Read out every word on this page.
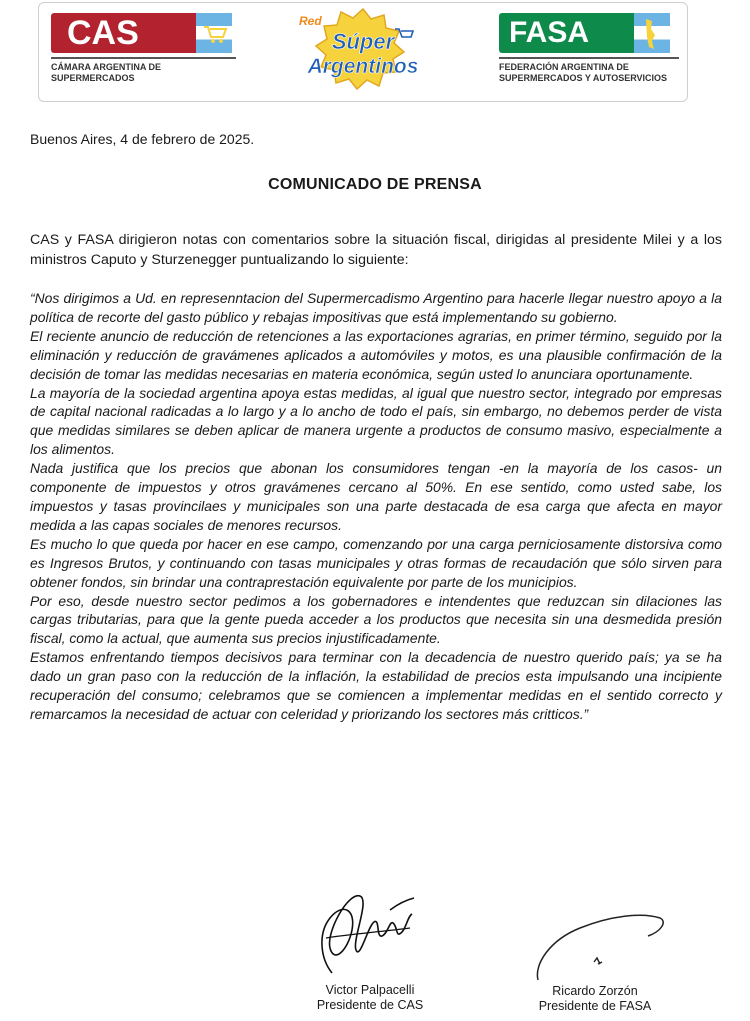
CAS
CÁMARA ARGENTINA DE
SUPERMERCADOS
Red
Súper
Argentinos
FASA
FEDERACIÓN ARGENTINA DE
SUPERMERCADOS Y AUTOSERVICIOS
Buenos Aires, 4 de febrero de 2025.
COMUNICADO DE PRENSA

CAS y FASA dirigieron notas con comentarios sobre la situación fiscal, dirigidas al presidente Milei y a los ministros Caputo y Sturzenegger puntualizando lo siguiente:

“Nos dirigimos a Ud. en represenntacion del Supermercadismo Argentino para hacerle llegar nuestro apoyo a la política de recorte del gasto público y rebajas impositivas que está implementando su gobierno.

El reciente anuncio de reducción de retenciones a las exportaciones agrarias, en primer término, seguido por la eliminación y reducción de gravámenes aplicados a automóviles y motos, es una plausible confirmación de la decisión de tomar las medidas necesarias en materia económica, según usted lo anunciara oportunamente.

La mayoría de la sociedad argentina apoya estas medidas, al igual que nuestro sector, integrado por empresas de capital nacional radicadas a lo largo y a lo ancho de todo el país, sin embargo, no debemos perder de vista que medidas similares se deben aplicar de manera urgente a productos de consumo masivo, especialmente a los alimentos.

Nada justifica que los precios que abonan los consumidores tengan -en la mayoría de los casos- un componente de impuestos y otros gravámenes cercano al 50%. En ese sentido, como usted sabe, los impuestos y tasas provincilaes y municipales son una parte destacada de esa carga que afecta en mayor medida a las capas sociales de menores recursos.

Es mucho lo que queda por hacer en ese campo, comenzando por una carga perniciosamente distorsiva como es Ingresos Brutos, y continuando con tasas municipales y otras formas de recaudación que sólo sirven para obtener fondos, sin brindar una contraprestación equivalente por parte de los municipios.

Por eso, desde nuestro sector pedimos a los gobernadores e intendentes que reduzcan sin dilaciones las cargas tributarias, para que la gente pueda acceder a los productos que necesita sin una desmedida presión fiscal, como la actual, que aumenta sus precios injustificadamente.

Estamos enfrentando tiempos decisivos para terminar con la decadencia de nuestro querido país; ya se ha dado un gran paso con la reducción de la inflación, la estabilidad de precios esta impulsando una incipiente recuperación del consumo; celebramos que se comiencen a implementar medidas en el sentido correcto y remarcamos la necesidad de actuar con celeridad y priorizando los sectores más critticos.”

Victor Palpacelli
Presidente de CAS
Ricardo Zorzón
Presidente de FASA
